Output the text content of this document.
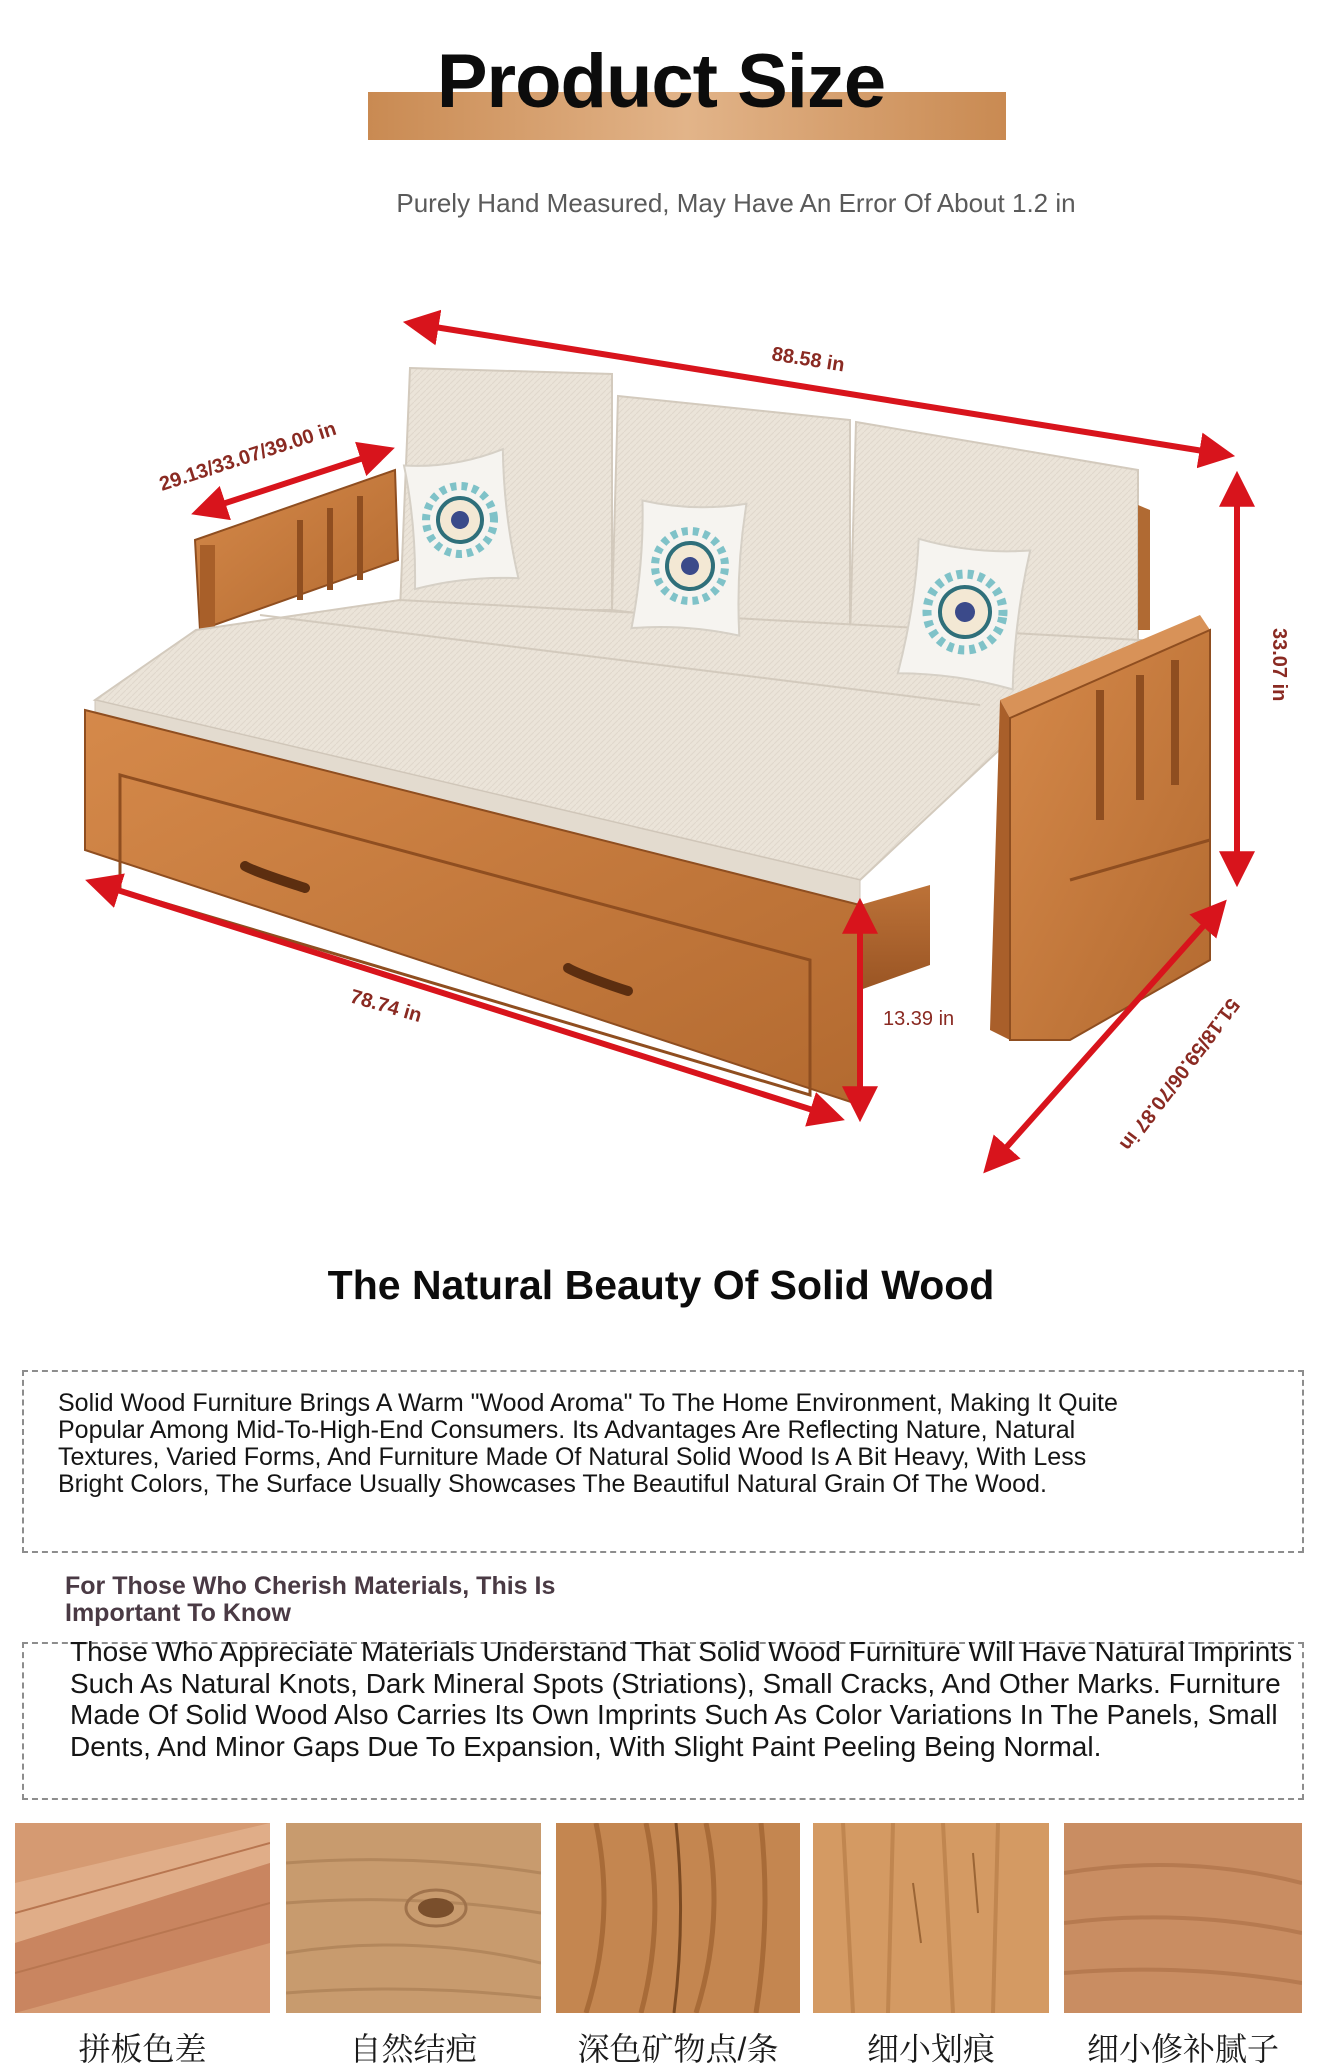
Product Size
Purely Hand Measured, May Have An Error Of About 1.2 in
88.58 in
29.13/33.07/39.00 in
33.07 in
78.74 in	13.39 in	51.18/59.06/70.87 in
The Natural Beauty Of Solid Wood
Solid Wood Furniture Brings A Warm "Wood Aroma" To The Home Environment, Making It Quite Popular Among Mid-To-High-End Consumers. Its Advantages Are Reflecting Nature, Natural Textures, Varied Forms, And Furniture Made Of Natural Solid Wood Is A Bit Heavy, With Less Bright Colors, The Surface Usually Showcases The Beautiful Natural Grain Of The Wood.
For Those Who Cherish Materials, This Is Important To Know
Those Who Appreciate Materials Understand That Solid Wood Furniture Will Have Natural Imprints Such As Natural Knots, Dark Mineral Spots (Striations), Small Cracks, And Other Marks. Furniture Made Of Solid Wood Also Carries Its Own Imprints Such As Color Variations In The Panels, Small Dents, And Minor Gaps Due To Expansion, With Slight Paint Peeling Being Normal.
拼板色差	自然结疤	深色矿物点/条	细小划痕	细小修补腻子
